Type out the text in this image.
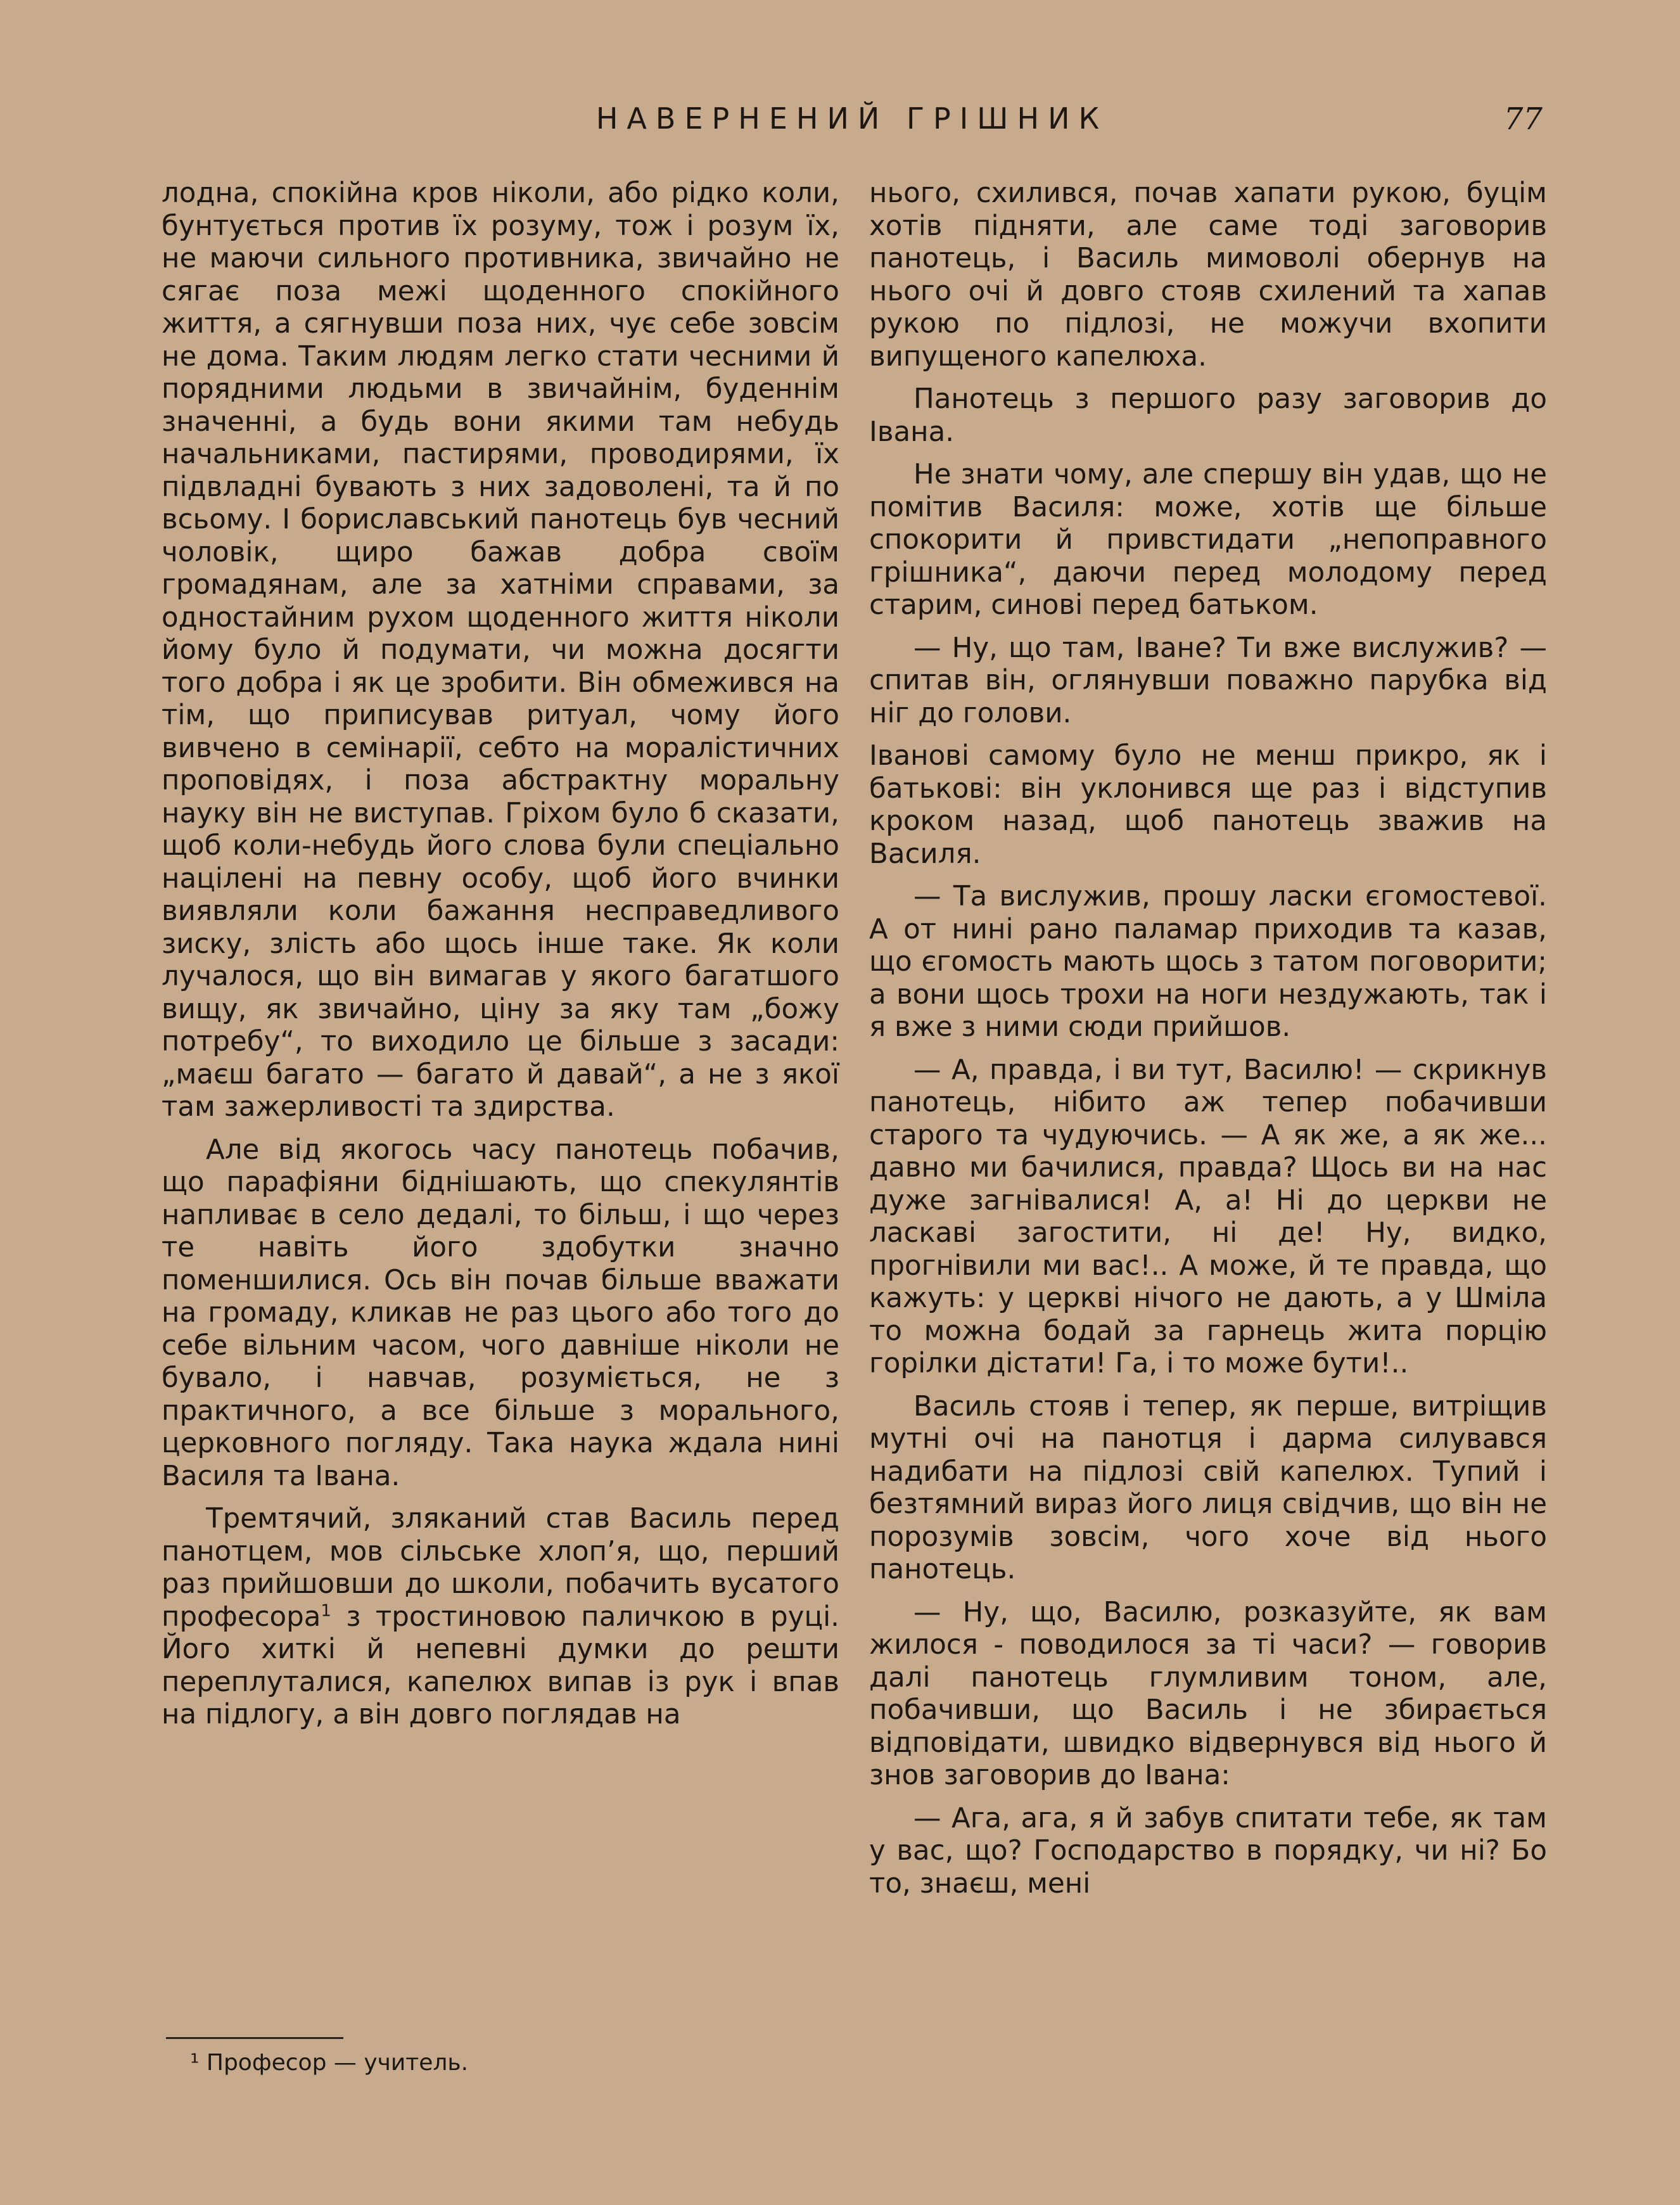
НАВЕРНЕНИЙ ГРІШНИК	77

лодна, спокійна кров ніколи, або рідко коли, бунтується против їх розуму, тож і розум їх, не маючи сильного противника, звичайно не сягає поза межі щоденного спокійного життя, а сягнувши поза них, чує себе зовсім не дома. Таким людям легко стати чесними й порядними людьми в звичайнім, буденнім значенні, а будь вони якими там небудь начальниками, пастирями, проводирями, їх підвладні бувають з них задоволені, та й по всьому. І бориславський панотець був чесний чоловік, щиро бажав добра своїм громадянам, але за хатніми справами, за одностайним рухом щоденного життя ніколи йому було й подумати, чи можна досягти того добра і як це зробити. Він обмежився на тім, що приписував ритуал, чому його вивчено в семінарії, себто на моралістичних проповідях, і поза абстрактну моральну науку він не виступав. Гріхом було б сказати, щоб коли-небудь його слова були спеціально націлені на певну особу, щоб його вчинки виявляли коли бажання несправедливого зиску, злість або щось інше таке. Як коли лучалося, що він вимагав у якого багатшого вищу, як звичайно, ціну за яку там „божу потребу“, то виходило це більше з засади: „маєш багато — багато й давай“, а не з якої там зажерливості та здирства.

Але від якогось часу панотець побачив, що парафіяни біднішають, що спекулянтів напливає в село дедалі, то більш, і що через те навіть його здобутки значно поменшилися. Ось він почав більше вважати на громаду, кликав не раз цього або того до себе вільним часом, чого давніше ніколи не бувало, і навчав, розуміється, не з практичного, а все більше з морального, церковного погляду. Така наука ждала нині Василя та Івана.

Тремтячий, зляканий став Василь перед панотцем, мов сільське хлоп’я, що, перший раз прийшовши до школи, побачить вусатого професора$^1$ з тростиновою паличкою в руці. Його хиткі й непевні думки до решти переплуталися, капелюх випав із рук і впав на підлогу, а він довго поглядав на

нього, схилився, почав хапати рукою, буцім хотів підняти, але саме тоді заговорив панотець, і Василь мимоволі обернув на нього очі й довго стояв схилений та хапав рукою по підлозі, не можучи вхопити випущеного капелюха.

Панотець з першого разу заговорив до Івана.

Не знати чому, але спершу він удав, що не помітив Василя: може, хотів ще більше спокорити й привстидати „непоправного грішника“, даючи перед молодому перед старим, синові перед батьком.

— Ну, що там, Іване? Ти вже вислужив? — спитав він, оглянувши поважно парубка від ніг до голови.

Іванові самому було не менш прикро, як і батькові: він уклонився ще раз і відступив кроком назад, щоб панотець зважив на Василя.

— Та вислужив, прошу ласки єгомостевої. А от нині рано паламар приходив та казав, що єгомость мають щось з татом поговорити; а вони щось трохи на ноги нездужають, так і я вже з ними сюди прийшов.

— А, правда, і ви тут, Василю! — скрикнув панотець, нібито аж тепер побачивши старого та чудуючись. — А як же, а як же... давно ми бачилися, правда? Щось ви на нас дуже загнівалися! А, а! Ні до церкви не ласкаві загостити, ні де! Ну, видко, прогнівили ми вас!.. А може, й те правда, що кажуть: у церкві нічого не дають, а у Шміла то можна бодай за гарнець жита порцію горілки дістати! Га, і то може бути!..

Василь стояв і тепер, як перше, витріщив мутні очі на панотця і дарма силувався надибати на підлозі свій капелюх. Тупий і безтямний вираз його лиця свідчив, що він не порозумів зовсім, чого хоче від нього панотець.

— Ну, що, Василю, розказуйте, як вам жилося - поводилося за ті часи? — говорив далі панотець глумливим тоном, але, побачивши, що Василь і не збирається відповідати, швидко відвернувся від нього й знов заговорив до Івана:

— Ага, ага, я й забув спитати тебе, як там у вас, що? Господарство в порядку, чи ні? Бо то, знаєш, мені

¹ Професор — учитель.
